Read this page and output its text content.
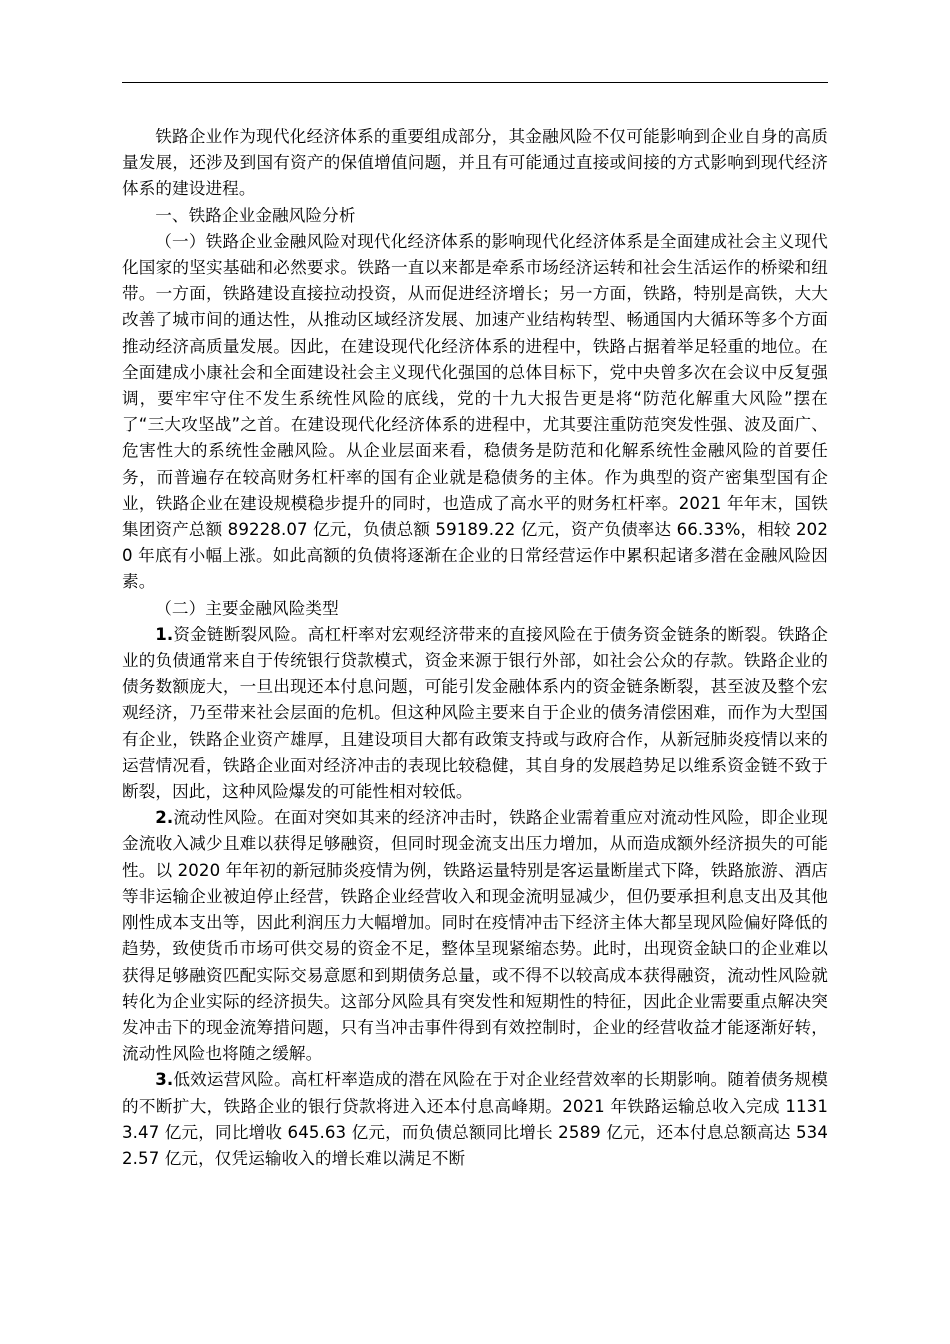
铁路企业作为现代化经济体系的重要组成部分，其金融风险不仅可能影响到企业自身的高质量发展，还涉及到国有资产的保值增值问题，并且有可能通过直接或间接的方式影响到现代经济体系的建设进程。

一、铁路企业金融风险分析

（一）铁路企业金融风险对现代化经济体系的影响现代化经济体系是全面建成社会主义现代化国家的坚实基础和必然要求。铁路一直以来都是牵系市场经济运转和社会生活运作的桥梁和纽带。一方面，铁路建设直接拉动投资，从而促进经济增长；另一方面，铁路，特别是高铁，大大改善了城市间的通达性，从推动区域经济发展、加速产业结构转型、畅通国内大循环等多个方面推动经济高质量发展。因此，在建设现代化经济体系的进程中，铁路占据着举足轻重的地位。在全面建成小康社会和全面建设社会主义现代化强国的总体目标下，党中央曾多次在会议中反复强调，要牢牢守住不发生系统性风险的底线，党的十九大报告更是将“防范化解重大风险”摆在了“三大攻坚战”之首。在建设现代化经济体系的进程中，尤其要注重防范突发性强、波及面广、危害性大的系统性金融风险。从企业层面来看，稳债务是防范和化解系统性金融风险的首要任务，而普遍存在较高财务杠杆率的国有企业就是稳债务的主体。作为典型的资产密集型国有企业，铁路企业在建设规模稳步提升的同时，也造成了高水平的财务杠杆率。2021 年年末，国铁集团资产总额 89228.07 亿元，负债总额 59189.22 亿元，资产负债率达 66.33%，相较 2020 年底有小幅上涨。如此高额的负债将逐渐在企业的日常经营运作中累积起诸多潜在金融风险因素。

（二）主要金融风险类型

1.资金链断裂风险。高杠杆率对宏观经济带来的直接风险在于债务资金链条的断裂。铁路企业的负债通常来自于传统银行贷款模式，资金来源于银行外部，如社会公众的存款。铁路企业的债务数额庞大，一旦出现还本付息问题，可能引发金融体系内的资金链条断裂，甚至波及整个宏观经济，乃至带来社会层面的危机。但这种风险主要来自于企业的债务清偿困难，而作为大型国有企业，铁路企业资产雄厚，且建设项目大都有政策支持或与政府合作，从新冠肺炎疫情以来的运营情况看，铁路企业面对经济冲击的表现比较稳健，其自身的发展趋势足以维系资金链不致于断裂，因此，这种风险爆发的可能性相对较低。

2.流动性风险。在面对突如其来的经济冲击时，铁路企业需着重应对流动性风险，即企业现金流收入减少且难以获得足够融资，但同时现金流支出压力增加，从而造成额外经济损失的可能性。以 2020 年年初的新冠肺炎疫情为例，铁路运量特别是客运量断崖式下降，铁路旅游、酒店等非运输企业被迫停止经营，铁路企业经营收入和现金流明显减少，但仍要承担利息支出及其他刚性成本支出等，因此利润压力大幅增加。同时在疫情冲击下经济主体大都呈现风险偏好降低的趋势，致使货币市场可供交易的资金不足，整体呈现紧缩态势。此时，出现资金缺口的企业难以获得足够融资匹配实际交易意愿和到期债务总量，或不得不以较高成本获得融资，流动性风险就转化为企业实际的经济损失。这部分风险具有突发性和短期性的特征，因此企业需要重点解决突发冲击下的现金流筹措问题，只有当冲击事件得到有效控制时，企业的经营收益才能逐渐好转，流动性风险也将随之缓解。

3.低效运营风险。高杠杆率造成的潜在风险在于对企业经营效率的长期影响。随着债务规模的不断扩大，铁路企业的银行贷款将进入还本付息高峰期。2021 年铁路运输总收入完成 11313.47 亿元，同比增收 645.63 亿元，而负债总额同比增长 2589 亿元，还本付息总额高达 5342.57 亿元，仅凭运输收入的增长难以满足不断
